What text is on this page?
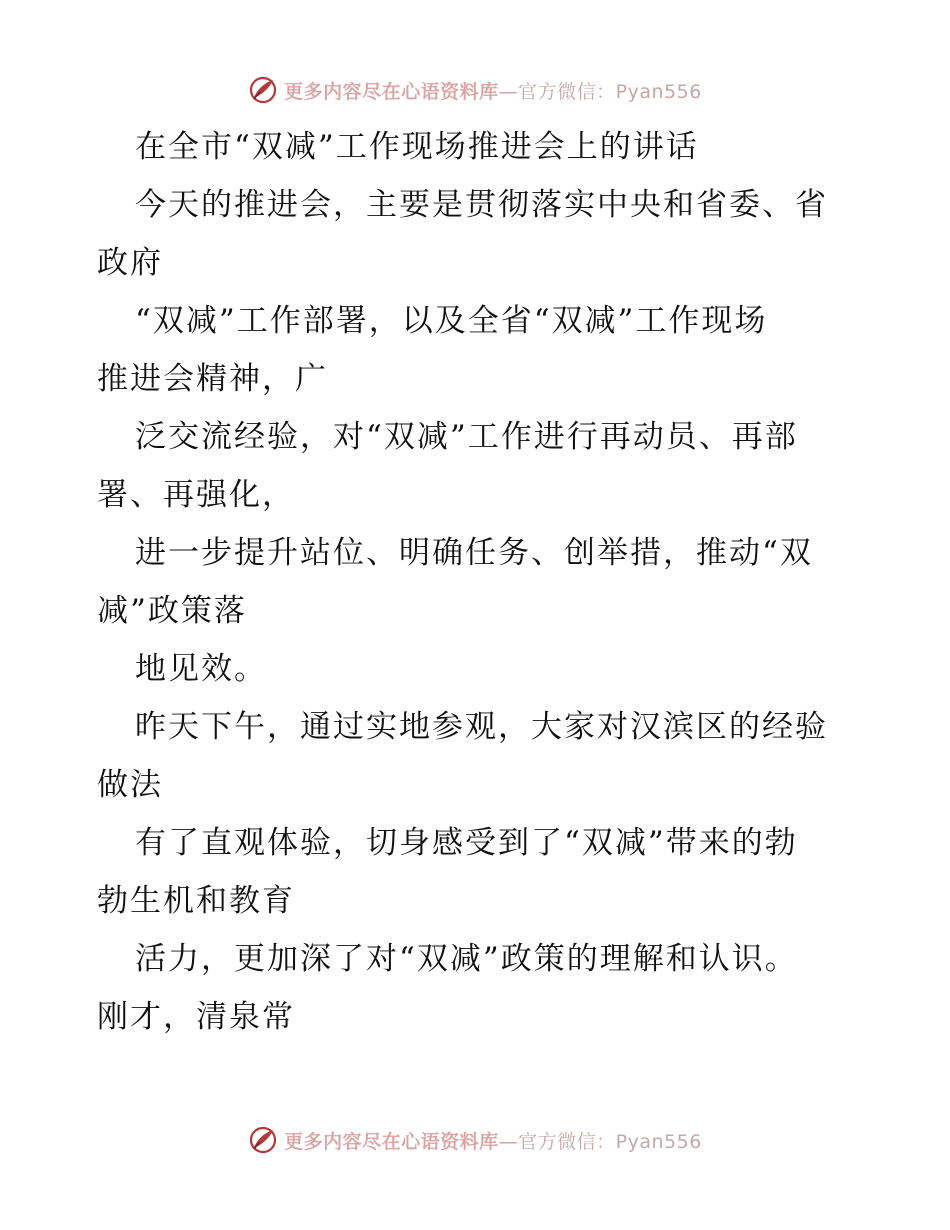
更多内容尽在心语资料库—官方微信：Pyan556
在全市“双减”工作现场推进会上的讲话
今天的推进会，主要是贯彻落实中央和省委、省
政府
“双减”工作部署，以及全省“双减”工作现场
推进会精神，广
泛交流经验，对“双减”工作进行再动员、再部
署、再强化，
进一步提升站位、明确任务、创举措，推动“双
减”政策落
地见效。
昨天下午，通过实地参观，大家对汉滨区的经验
做法
有了直观体验，切身感受到了“双减”带来的勃
勃生机和教育
活力，更加深了对“双减”政策的理解和认识。
刚才，清泉常
更多内容尽在心语资料库—官方微信：Pyan556
